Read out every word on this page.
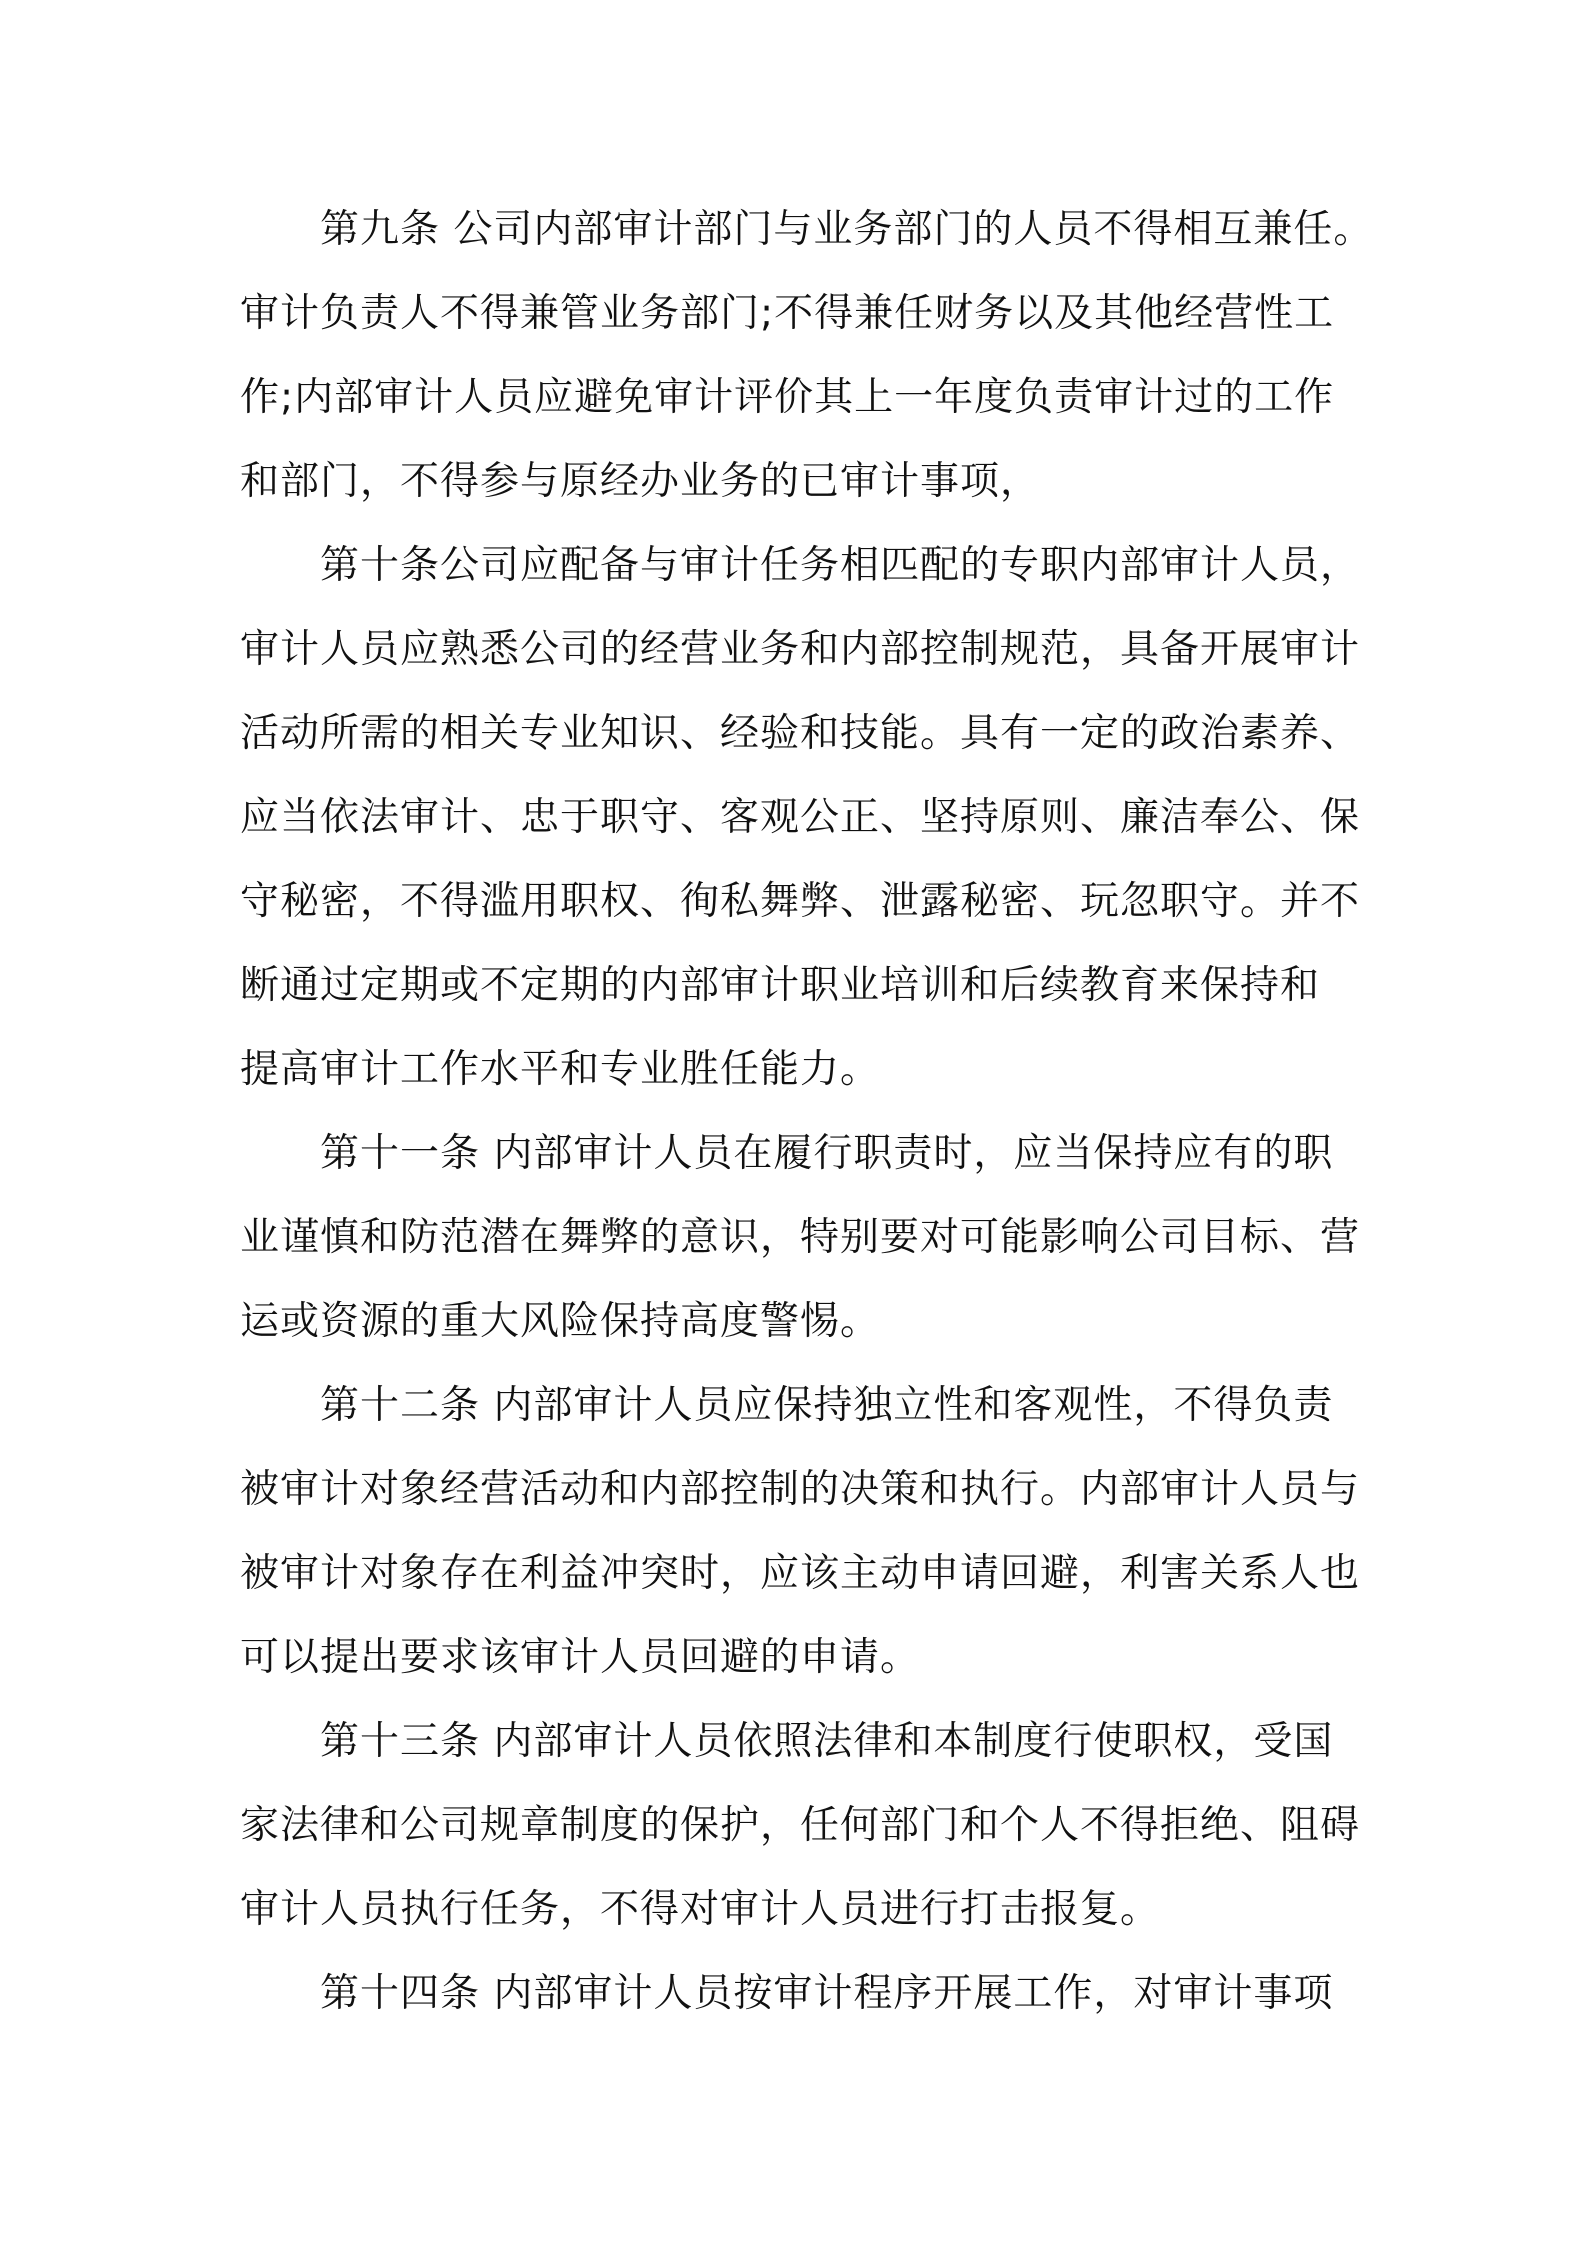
第九条 公司内部审计部门与业务部门的人员不得相互兼任。
审计负责人不得兼管业务部门;不得兼任财务以及其他经营性工
作;内部审计人员应避免审计评价其上一年度负责审计过的工作
和部门，不得参与原经办业务的已审计事项，
第十条公司应配备与审计任务相匹配的专职内部审计人员，
审计人员应熟悉公司的经营业务和内部控制规范，具备开展审计
活动所需的相关专业知识、经验和技能。具有一定的政治素养、
应当依法审计、忠于职守、客观公正、坚持原则、廉洁奉公、保
守秘密，不得滥用职权、徇私舞弊、泄露秘密、玩忽职守。并不
断通过定期或不定期的内部审计职业培训和后续教育来保持和
提高审计工作水平和专业胜任能力。
第十一条 内部审计人员在履行职责时，应当保持应有的职
业谨慎和防范潜在舞弊的意识，特别要对可能影响公司目标、营
运或资源的重大风险保持高度警惕。
第十二条 内部审计人员应保持独立性和客观性，不得负责
被审计对象经营活动和内部控制的决策和执行。内部审计人员与
被审计对象存在利益冲突时，应该主动申请回避，利害关系人也
可以提出要求该审计人员回避的申请。
第十三条 内部审计人员依照法律和本制度行使职权，受国
家法律和公司规章制度的保护，任何部门和个人不得拒绝、阻碍
审计人员执行任务，不得对审计人员进行打击报复。
第十四条 内部审计人员按审计程序开展工作，对审计事项
